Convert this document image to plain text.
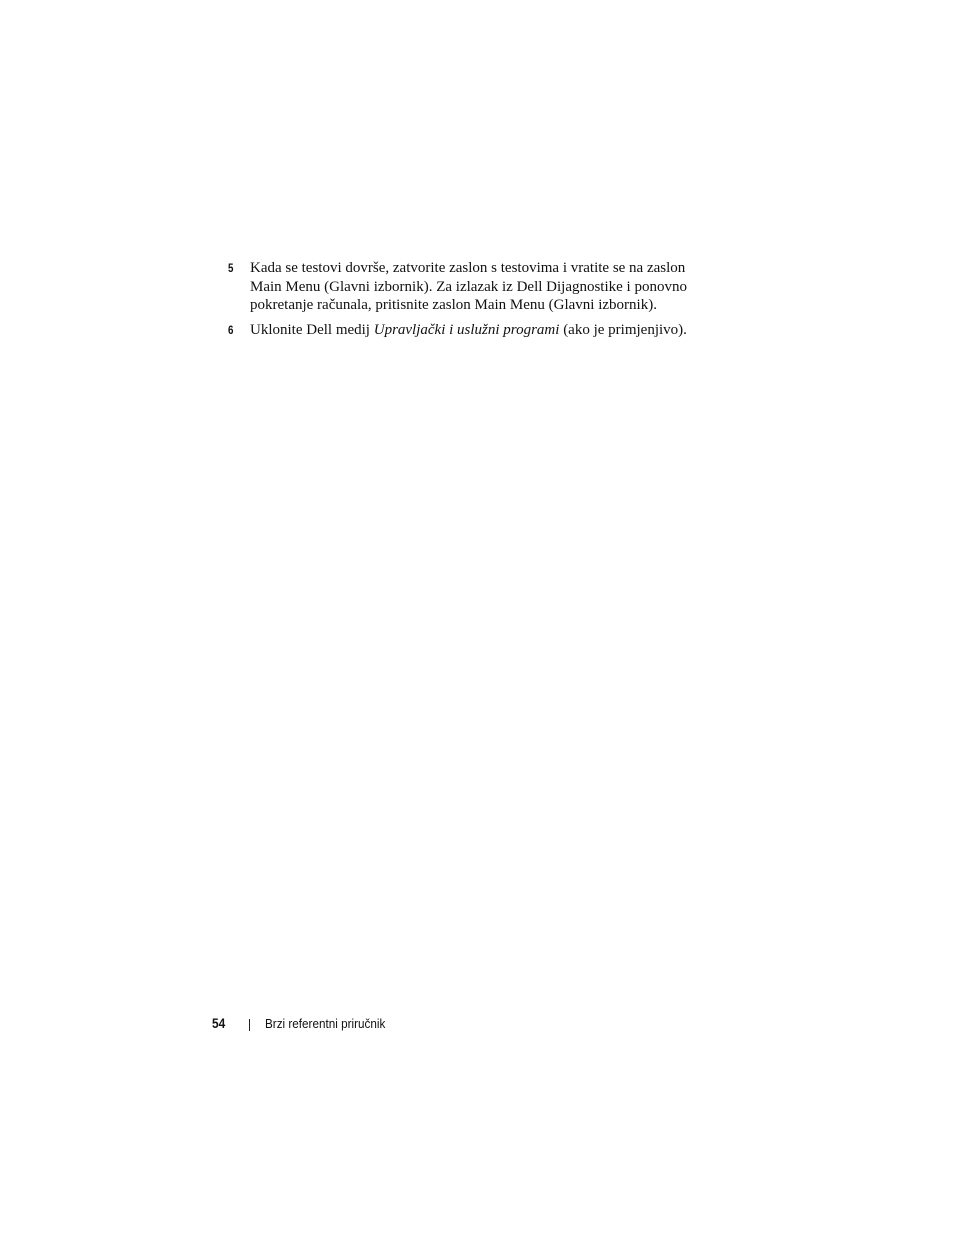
5 Kada se testovi dovrše, zatvorite zaslon s testovima i vratite se na zaslon
Main Menu (Glavni izbornik). Za izlazak iz Dell Dijagnostike i ponovno
pokretanje računala, pritisnite zaslon Main Menu (Glavni izbornik).
6 Uklonite Dell medij Upravljački i uslužni programi (ako je primjenjivo).
54	Brzi referentni priručnik
